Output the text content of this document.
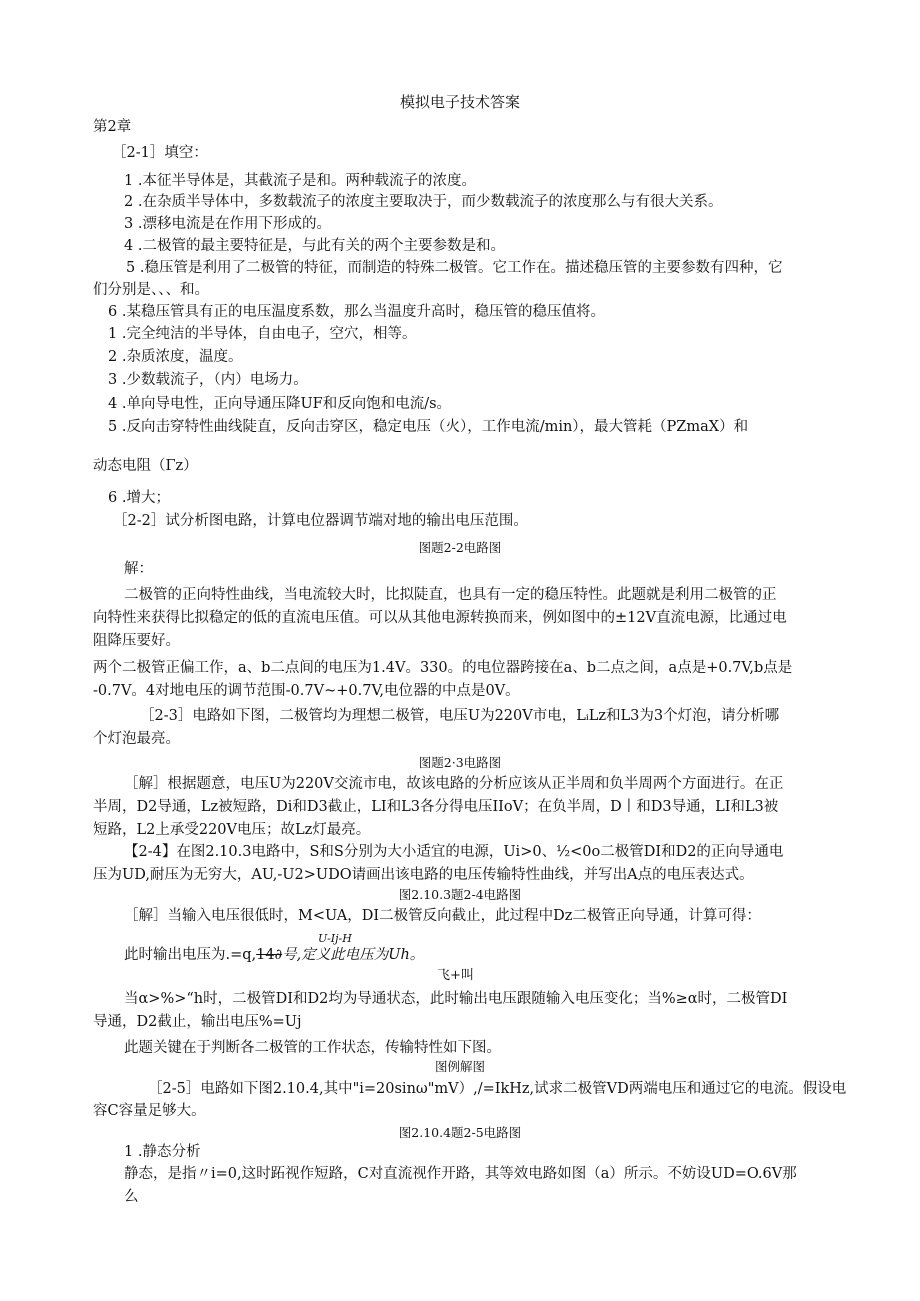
模拟电子技术答案
第2章
［2-1］填空：
1 .本征半导体是，其截流子是和。两种载流子的浓度。
2 .在杂质半导体中，多数载流子的浓度主要取决于，而少数载流子的浓度那么与有很大关系。
3 .漂移电流是在作用下形成的。
4 .二极管的最主要特征是，与此有关的两个主要参数是和。
5 .稳压管是利用了二极管的特征，而制造的特殊二极管。它工作在。描述稳压管的主要参数有四种，它
们分别是、、、和。
6 .某稳压管具有正的电压温度系数，那么当温度升高时，稳压管的稳压值将。
1 .完全纯洁的半导体，自由电子，空穴，相等。
2 .杂质浓度，温度。
3 .少数载流子，（内）电场力。
4 .单向导电性，正向导通压降UF和反向饱和电流/s。
5 .反向击穿特性曲线陡直，反向击穿区，稳定电压（火），工作电流/min），最大管耗（PZmaX）和
动态电阻（Γz）
6 .增大；
［2-2］试分析图电路，计算电位器调节端对地的输出电压范围。
图题2-2电路图
解：
二极管的正向特性曲线，当电流较大时，比拟陡直，也具有一定的稳压特性。此题就是利用二极管的正
向特性来获得比拟稳定的低的直流电压值。可以从其他电源转换而来，例如图中的±12V直流电源，比通过电
阻降压要好。
两个二极管正偏工作，a、b二点间的电压为1.4V。330。的电位器跨接在a、b二点之间，a点是+0.7V,b点是
-0.7V。4对地电压的调节范围-0.7V~+0.7V,电位器的中点是0V。
［2-3］电路如下图，二极管均为理想二极管，电压U为220V市电，LᵢLz和L3为3个灯泡，请分析哪
个灯泡最亮。
图题2·3电路图
［解］根据题意，电压U为220V交流市电，故该电路的分析应该从正半周和负半周两个方面进行。在正
半周，D2导通，Lz被短路，Di和D3截止，LI和L3各分得电压IIoV；在负半周，D丨和D3导通，LI和L3被
短路，L2上承受220V电压；故Lz灯最亮。
【2-4】在图2.10.3电路中，S和S分别为大小适宜的电源，Ui>0、½<0o二极管DI和D2的正向导通电
压为UD,耐压为无穷大，AU,-U2>UDO请画出该电路的电压传输特性曲线，并写出A点的电压表达式。
图2.10.3题2-4电路图
［解］当输入电压很低时，M<UA，DI二极管反向截止，此过程中Dz二极管正向导通，计算可得：
U-Ij-H
此时输出电压为.=q,14∂号,定义此电压为Uh。
飞+叫
当α>%>“h时，二极管DI和D2均为导通状态，此时输出电压跟随输入电压变化；当%≥α时，二极管DI
导通，D2截止，输出电压%=Uj
此题关键在于判断各二极管的工作状态，传输特性如下图。
图例解图
［2-5］电路如下图2.10.4,其中"i=20sinω"mV）,/=IkHz,试求二极管VD两端电压和通过它的电流。假设电
容C容量足够大。
图2.10.4题2-5电路图
1 .静态分析
静态，是指〃i=0,这时跖视作短路，C对直流视作开路，其等效电路如图（a）所示。不妨设UD=O.6V那
么
